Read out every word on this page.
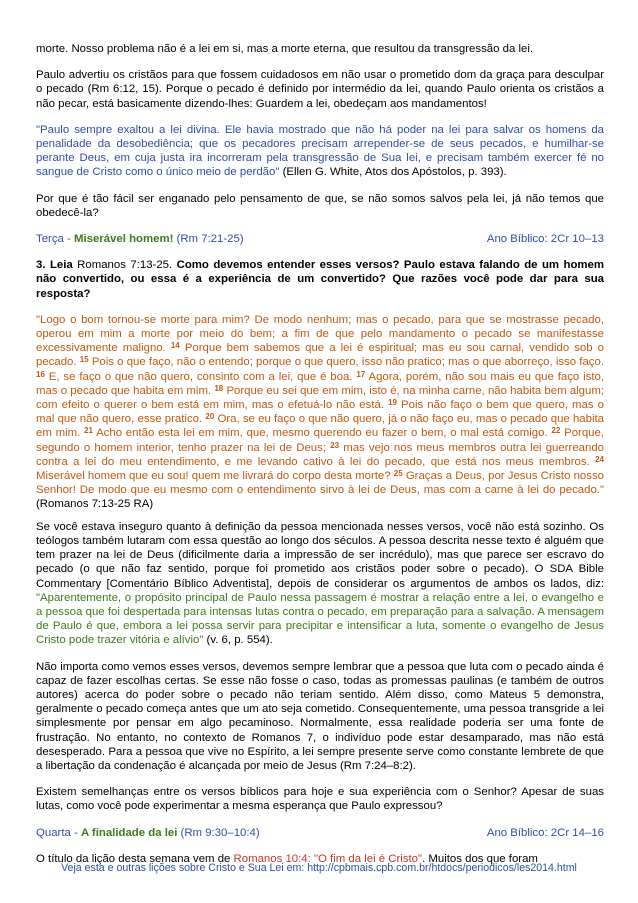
morte. Nosso problema não é a lei em si, mas a morte eterna, que resultou da transgressão da lei.

Paulo advertiu os cristãos para que fossem cuidadosos em não usar o prometido dom da graça para desculpar o pecado (Rm 6:12, 15). Porque o pecado é definido por intermédio da lei, quando Paulo orienta os cristãos a não pecar, está basicamente dizendo-lhes: Guardem a lei, obedeçam aos mandamentos!

"Paulo sempre exaltou a lei divina. Ele havia mostrado que não há poder na lei para salvar os homens da penalidade da desobediência; que os pecadores precisam arrepender-se de seus pecados, e humilhar-se perante Deus, em cuja justa ira incorreram pela transgressão de Sua lei, e precisam também exercer fé no sangue de Cristo como o único meio de perdão" (Ellen G. White, Atos dos Apóstolos, p. 393).

Por que é tão fácil ser enganado pelo pensamento de que, se não somos salvos pela lei, já não temos que obedecê-la?

Terça - Miserável homem! (Rm 7:21-25)	Ano Bíblico: 2Cr 10–13

3. Leia Romanos 7:13-25. Como devemos entender esses versos? Paulo estava falando de um homem não convertido, ou essa é a experiência de um convertido? Que razões você pode dar para sua resposta?

"Logo o bom tornou-se morte para mim? De modo nenhum; mas o pecado, para que se mostrasse pecado, operou em mim a morte por meio do bem; a fim de que pelo mandamento o pecado se manifestasse excessivamente maligno. $^{14}$ Porque bem sabemos que a lei é espiritual; mas eu sou carnal, vendido sob o pecado. $^{15}$ Pois o que faço, não o entendo; porque o que quero, isso não pratico; mas o que aborreço, isso faço. $^{16}$ E, se faço o que não quero, consinto com a lei, que é boa. $^{17}$ Agora, porém, não sou mais eu que faço isto, mas o pecado que habita em mim. $^{18}$ Porque eu sei que em mim, isto é, na minha carne, não habita bem algum; com efeito o querer o bem está em mim, mas o efetuá-lo não está. $^{19}$ Pois não faço o bem que quero, mas o mal que não quero, esse pratico. $^{20}$ Ora, se eu faço o que não quero, já o não faço eu, mas o pecado que habita em mim. $^{21}$ Acho então esta lei em mim, que, mesmo querendo eu fazer o bem, o mal está comigo. $^{22}$ Porque, segundo o homem interior, tenho prazer na lei de Deus; $^{23}$ mas vejo nos meus membros outra lei guerreando contra a lei do meu entendimento, e me levando cativo à lei do pecado, que está nos meus membros. $^{24}$ Miserável homem que eu sou! quem me livrará do corpo desta morte? $^{25}$ Graças a Deus, por Jesus Cristo nosso Senhor! De modo que eu mesmo com o entendimento sirvo à lei de Deus, mas com a carne à lei do pecado." (Romanos 7:13-25 RA)

Se você estava inseguro quanto à definição da pessoa mencionada nesses versos, você não está sozinho. Os teólogos também lutaram com essa questão ao longo dos séculos. A pessoa descrita nesse texto é alguém que tem prazer na lei de Deus (dificilmente daria a impressão de ser incrédulo), mas que parece ser escravo do pecado (o que não faz sentido, porque foi prometido aos cristãos poder sobre o pecado). O SDA Bible Commentary [Comentário Bíblico Adventista], depois de considerar os argumentos de ambos os lados, diz: "Aparentemente, o propósito principal de Paulo nessa passagem é mostrar a relação entre a lei, o evangelho e a pessoa que foi despertada para intensas lutas contra o pecado, em preparação para a salvação. A mensagem de Paulo é que, embora a lei possa servir para precipitar e intensificar a luta, somente o evangelho de Jesus Cristo pode trazer vitória e alívio" (v. 6, p. 554).

Não importa como vemos esses versos, devemos sempre lembrar que a pessoa que luta com o pecado ainda é capaz de fazer escolhas certas. Se esse não fosse o caso, todas as promessas paulinas (e também de outros autores) acerca do poder sobre o pecado não teriam sentido. Além disso, como Mateus 5 demonstra, geralmente o pecado começa antes que um ato seja cometido. Consequentemente, uma pessoa transgride a lei simplesmente por pensar em algo pecaminoso. Normalmente, essa realidade poderia ser uma fonte de frustração. No entanto, no contexto de Romanos 7, o indivíduo pode estar desamparado, mas não está desesperado. Para a pessoa que vive no Espírito, a lei sempre presente serve como constante lembrete de que a libertação da condenação é alcançada por meio de Jesus (Rm 7:24–8:2).

Existem semelhanças entre os versos bíblicos para hoje e sua experiência com o Senhor? Apesar de suas lutas, como você pode experimentar a mesma esperança que Paulo expressou?

Quarta - A finalidade da lei (Rm 9:30–10:4)	Ano Bíblico: 2Cr 14–16

O título da lição desta semana vem de Romanos 10:4: "O fim da lei é Cristo". Muitos dos que foram

Veja esta e outras lições sobre Cristo e Sua Lei em: http://cpbmais.cpb.com.br/htdocs/periodicos/les2014.html
